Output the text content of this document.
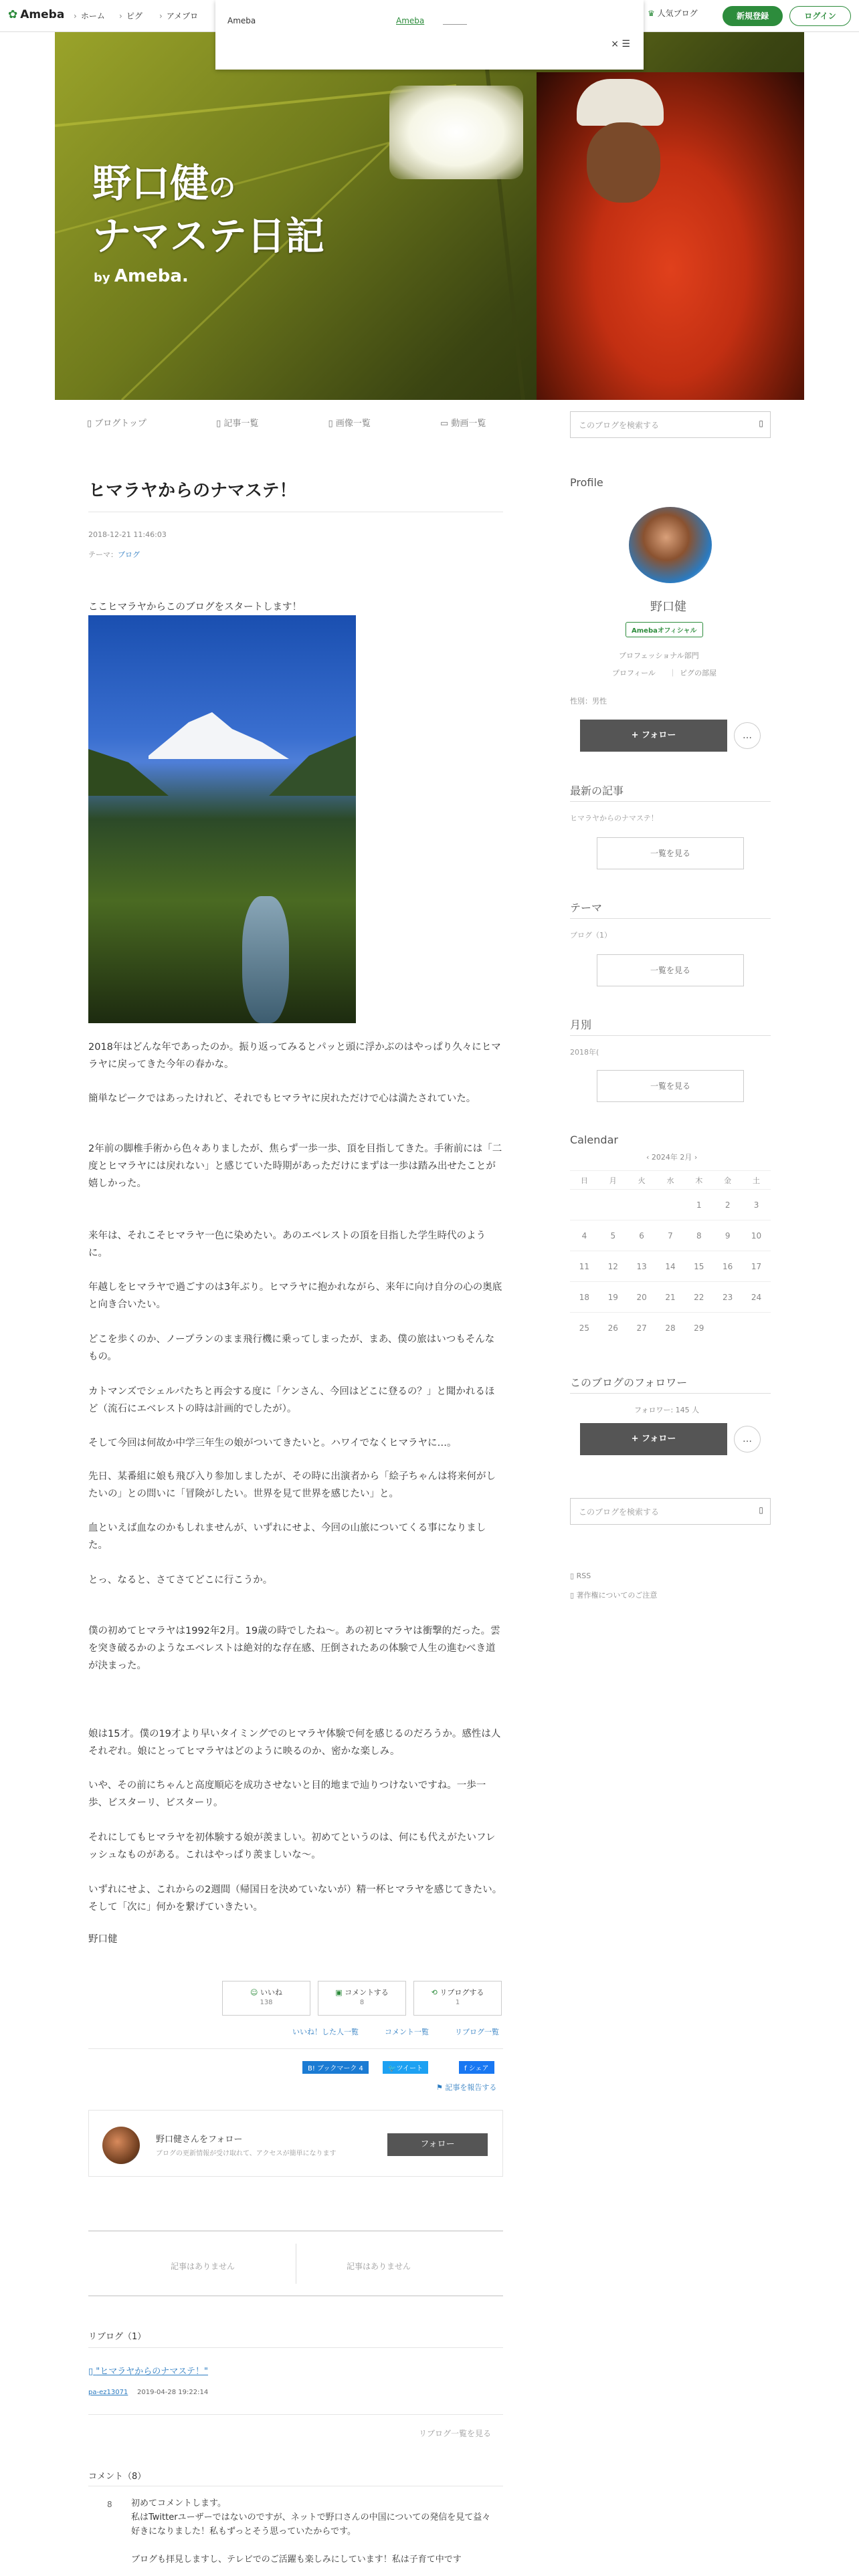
✿ Ameba	› ホーム	› ピグ	› アメブロ	♛ 人気ブログ	新規登録	ログイン
野口健の
ナマステ日記
by Ameba.
Ameba	Ameba
× ☰
▯ ブログトップ	▯ 記事一覧	▯ 画像一覧	▭ 動画一覧	このブログを検索する	▯
ヒマラヤからのナマステ！
2018-12-21 11:46:03
テーマ：ブログ
ここヒマラヤからこのブログをスタートします！
2018年はどんな年であったのか。振り返ってみるとパッと頭に浮かぶのはやっぱり久々にヒマラヤに戻ってきた今年の春かな。
簡単なピークではあったけれど、それでもヒマラヤに戻れただけで心は満たされていた。
2年前の脚椎手術から色々ありましたが、焦らず一歩一歩、頂を目指してきた。手術前には「二度とヒマラヤには戻れない」と感じていた時期があっただけにまずは一歩は踏み出せたことが嬉しかった。
来年は、それこそヒマラヤ一色に染めたい。あのエベレストの頂を目指した学生時代のように。
年越しをヒマラヤで過ごすのは3年ぶり。ヒマラヤに抱かれながら、来年に向け自分の心の奥底と向き合いたい。
どこを歩くのか、ノープランのまま飛行機に乗ってしまったが、まあ、僕の旅はいつもそんなもの。
カトマンズでシェルパたちと再会する度に「ケンさん、今回はどこに登るの？」と聞かれるほど（流石にエベレストの時は計画的でしたが）。
そして今回は何故か中学三年生の娘がついてきたいと。ハワイでなくヒマラヤに…。
先日、某番組に娘も飛び入り参加しましたが、その時に出演者から「絵子ちゃんは将来何がしたいの」との問いに「冒険がしたい。世界を見て世界を感じたい」と。
血といえば血なのかもしれませんが、いずれにせよ、今回の山旅についてくる事になりました。
とっ、なると、さてさてどこに行こうか。
僕の初めてヒマラヤは1992年2月。19歳の時でしたね〜。あの初ヒマラヤは衝撃的だった。雲を突き破るかのようなエベレストは絶対的な存在感、圧倒されたあの体験で人生の進むべき道が決まった。
娘は15才。僕の19才より早いタイミングでのヒマラヤ体験で何を感じるのだろうか。感性は人それぞれ。娘にとってヒマラヤはどのように映るのか、密かな楽しみ。
いや、その前にちゃんと高度順応を成功させないと目的地まで辿りつけないですね。一歩一歩、ビスターリ、ビスターリ。
それにしてもヒマラヤを初体験する娘が羨ましい。初めてというのは、何にも代えがたいフレッシュなものがある。これはやっぱり羨ましいな〜。
いずれにせよ、これからの2週間（帰国日を決めていないが）精一杯ヒマラヤを感じてきたい。そして「次に」何かを繋げていきたい。
野口健
☺ いいね
138
▣ コメントする
8
⟲ リブログする
1
いいね！した人一覧	コメント一覧	リブログ一覧
B! ブックマーク 4	🐦ツイート	f シェア
⚑ 記事を報告する
野口健さんをフォロー
ブログの更新情報が受け取れて、アクセスが簡単になります
フォロー
記事はありません	記事はありません
リブログ（1）
▯ "ヒマラヤからのナマステ！"
pa-ez13071 2019-04-28 19:22:14
リブログ一覧を見る
コメント（8）
8 初めてコメントします。
私はTwitterユーザーではないのですが、ネットで野口さんの中国についての発信を見て益々好きになりました！私もずっとそう思っていたからです。
ブログも拝見しますし、テレビでのご活躍も楽しみにしています！私は子育て中です
Profile
野口健
Amebaオフィシャル
プロフェッショナル部門
プロフィール ｜ ピグの部屋
性別：男性
+ フォロー	…
最新の記事
ヒマラヤからのナマステ！
一覧を見る
テーマ
ブログ（1）
一覧を見る
月別
2018年(
一覧を見る
Calendar
‹ 2024年 2月 ›
日	月	火	水	木	金	土
				1	2	3
4	5	6	7	8	9	10
11	12	13	14	15	16	17
18	19	20	21	22	23	24
25	26	27	28	29		
このブログのフォロワー
フォロワー: 145 人
+ フォロー	…
このブログを検索する	▯
▯ RSS
▯ 著作権についてのご注意
